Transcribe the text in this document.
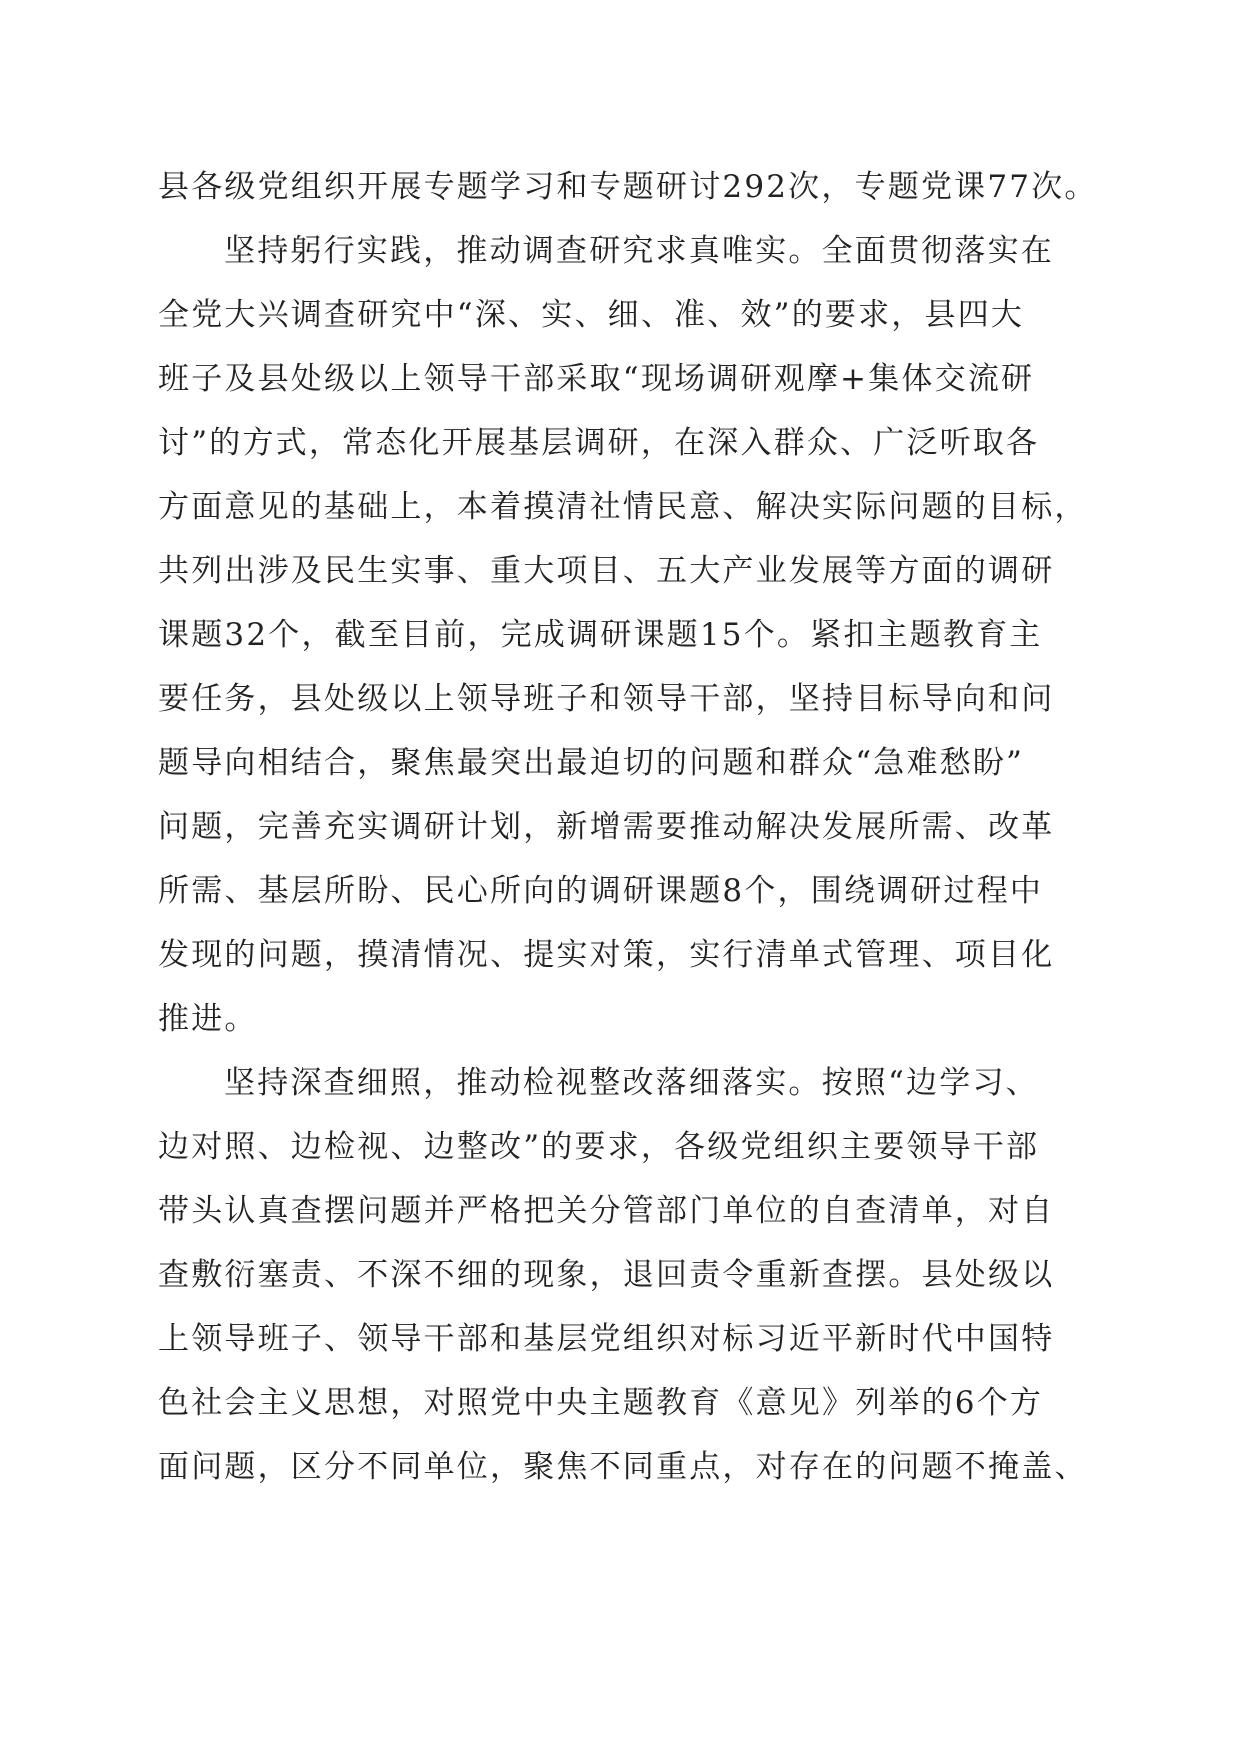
县各级党组织开展专题学习和专题研讨292次，专题党课77次。
坚持躬行实践，推动调查研究求真唯实。全面贯彻落实在
全党大兴调查研究中“深、实、细、准、效”的要求，县四大
班子及县处级以上领导干部采取“现场调研观摩+集体交流研
讨”的方式，常态化开展基层调研，在深入群众、广泛听取各
方面意见的基础上，本着摸清社情民意、解决实际问题的目标，
共列出涉及民生实事、重大项目、五大产业发展等方面的调研
课题32个，截至目前，完成调研课题15个。紧扣主题教育主
要任务，县处级以上领导班子和领导干部，坚持目标导向和问
题导向相结合，聚焦最突出最迫切的问题和群众“急难愁盼”
问题，完善充实调研计划，新增需要推动解决发展所需、改革
所需、基层所盼、民心所向的调研课题8个，围绕调研过程中
发现的问题，摸清情况、提实对策，实行清单式管理、项目化
推进。
坚持深查细照，推动检视整改落细落实。按照“边学习、
边对照、边检视、边整改”的要求，各级党组织主要领导干部
带头认真查摆问题并严格把关分管部门单位的自查清单，对自
查敷衍塞责、不深不细的现象，退回责令重新查摆。县处级以
上领导班子、领导干部和基层党组织对标习近平新时代中国特
色社会主义思想，对照党中央主题教育《意见》列举的6个方
面问题，区分不同单位，聚焦不同重点，对存在的问题不掩盖、
